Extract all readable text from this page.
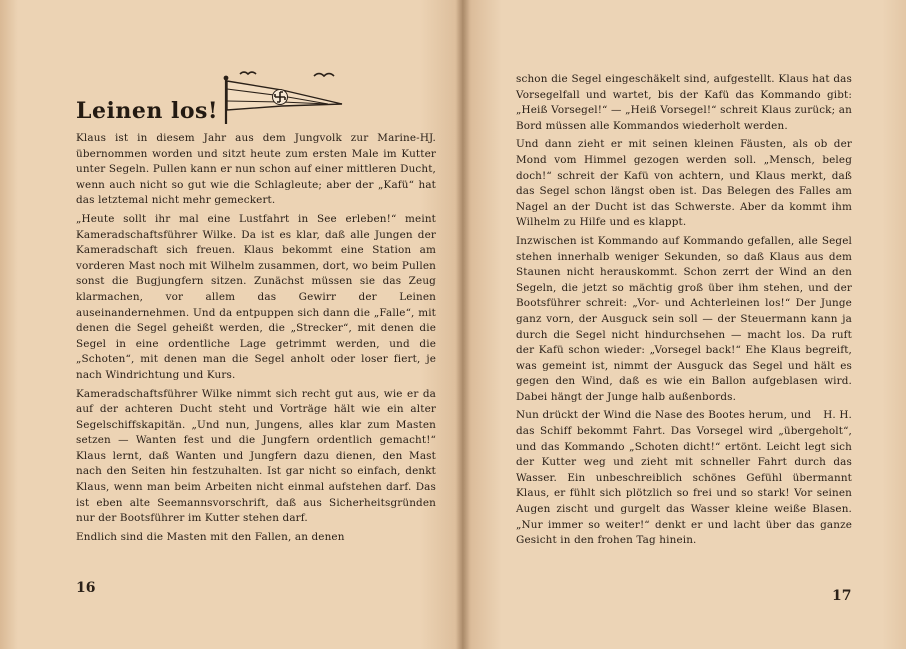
Leinen los!

Klaus ist in diesem Jahr aus dem Jungvolk zur Marine-HJ. übernommen worden und sitzt heute zum ersten Male im Kutter unter Segeln. Pullen kann er nun schon auf einer mittleren Ducht, wenn auch nicht so gut wie die Schlagleute; aber der „Kafü“ hat das letztemal nicht mehr gemeckert.

„Heute sollt ihr mal eine Lustfahrt in See erleben!“ meint Kameradschaftsführer Wilke. Da ist es klar, daß alle Jungen der Kameradschaft sich freuen. Klaus bekommt eine Station am vorderen Mast noch mit Wilhelm zusammen, dort, wo beim Pullen sonst die Bugjungfern sitzen. Zunächst müssen sie das Zeug klarmachen, vor allem das Gewirr der Leinen auseinandernehmen. Und da entpuppen sich dann die „Falle“, mit denen die Segel geheißt werden, die „Strecker“, mit denen die Segel in eine ordentliche Lage getrimmt werden, und die „Schoten“, mit denen man die Segel anholt oder loser fiert, je nach Windrichtung und Kurs.

Kameradschaftsführer Wilke nimmt sich recht gut aus, wie er da auf der achteren Ducht steht und Vorträge hält wie ein alter Segelschiffskapitän. „Und nun, Jungens, alles klar zum Masten setzen — Wanten fest und die Jungfern ordentlich gemacht!“ Klaus lernt, daß Wanten und Jungfern dazu dienen, den Mast nach den Seiten hin festzuhalten. Ist gar nicht so einfach, denkt Klaus, wenn man beim Arbeiten nicht einmal aufstehen darf. Das ist eben alte Seemannsvorschrift, daß aus Sicherheitsgründen nur der Bootsführer im Kutter stehen darf.

Endlich sind die Masten mit den Fallen, an denen

schon die Segel eingeschäkelt sind, aufgestellt. Klaus hat das Vorsegelfall und wartet, bis der Kafü das Kommando gibt: „Heiß Vorsegel!“ — „Heiß Vorsegel!“ schreit Klaus zurück; an Bord müssen alle Kommandos wiederholt werden.

Und dann zieht er mit seinen kleinen Fäusten, als ob der Mond vom Himmel gezogen werden soll. „Mensch, beleg doch!“ schreit der Kafü von achtern, und Klaus merkt, daß das Segel schon längst oben ist. Das Belegen des Falles am Nagel an der Ducht ist das Schwerste. Aber da kommt ihm Wilhelm zu Hilfe und es klappt.

Inzwischen ist Kommando auf Kommando gefallen, alle Segel stehen innerhalb weniger Sekunden, so daß Klaus aus dem Staunen nicht herauskommt. Schon zerrt der Wind an den Segeln, die jetzt so mächtig groß über ihm stehen, und der Bootsführer schreit: „Vor- und Achterleinen los!“ Der Junge ganz vorn, der Ausguck sein soll — der Steuermann kann ja durch die Segel nicht hindurchsehen — macht los. Da ruft der Kafü schon wieder: „Vorsegel back!“ Ehe Klaus begreift, was gemeint ist, nimmt der Ausguck das Segel und hält es gegen den Wind, daß es wie ein Ballon aufgeblasen wird. Dabei hängt der Junge halb außenbords.

H. H.
Nun drückt der Wind die Nase des Bootes herum, und das Schiff bekommt Fahrt. Das Vorsegel wird „übergeholt“, und das Kommando „Schoten dicht!“ ertönt. Leicht legt sich der Kutter weg und zieht mit schneller Fahrt durch das Wasser. Ein unbeschreiblich schönes Gefühl übermannt Klaus, er fühlt sich plötzlich so frei und so stark! Vor seinen Augen zischt und gurgelt das Wasser kleine weiße Blasen. „Nur immer so weiter!“ denkt er und lacht über das ganze Gesicht in den frohen Tag hinein.

16	17
